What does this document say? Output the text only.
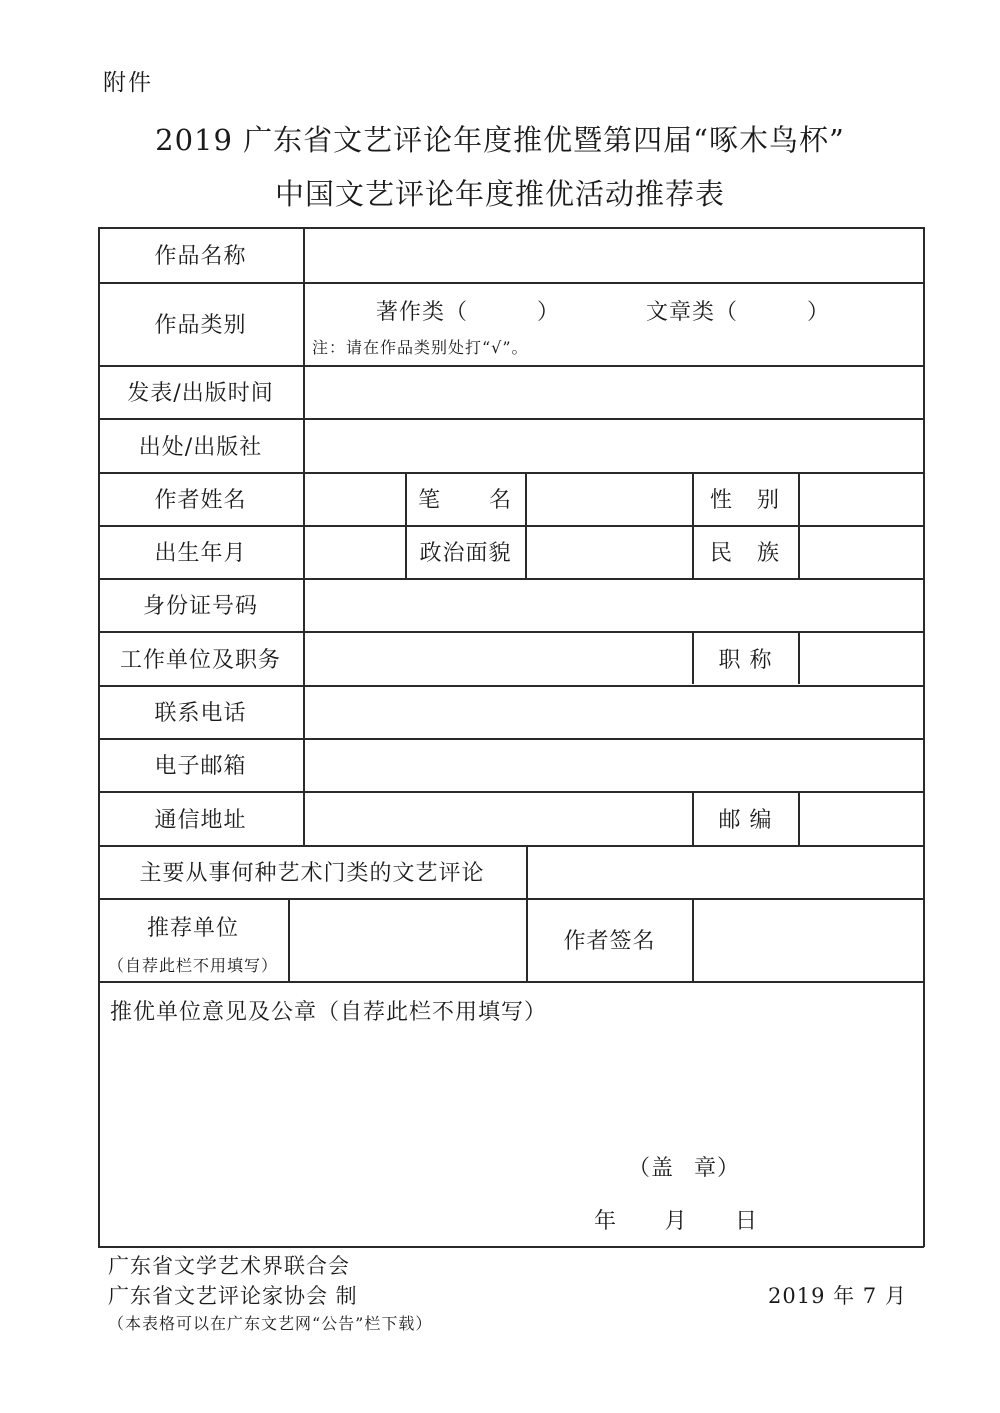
附件
2019 广东省文艺评论年度推优暨第四届“啄木鸟杯”
中国文艺评论年度推优活动推荐表
作品名称
作品类别
著作类（　　　）	文章类（　　　）
注：请在作品类别处打“√”。
发表/出版时间
出处/出版社
作者姓名	笔 名	性 别
出生年月	政治面貌	民 族
身份证号码
工作单位及职务	职 称
联系电话
电子邮箱
通信地址	邮 编
主要从事何种艺术门类的文艺评论
推荐单位
（自荐此栏不用填写）
作者签名
推优单位意见及公章（自荐此栏不用填写）
（盖 章）
年 月 日
广东省文学艺术界联合会
广东省文艺评论家协会 制	2019 年 7 月
（本表格可以在广东文艺网“公告”栏下载）
